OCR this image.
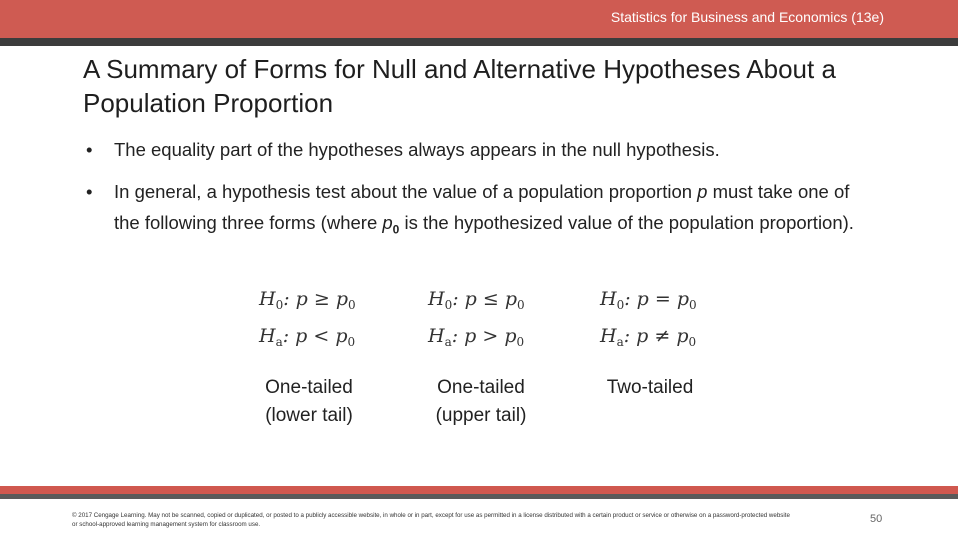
Statistics for Business and Economics (13e)
A Summary of Forms for Null and Alternative Hypotheses About a Population Proportion
• The equality part of the hypotheses always appears in the null hypothesis.
• In general, a hypothesis test about the value of a population proportion p must take one of the following three forms (where $p_0$ is the hypothesized value of the population proportion).
$H_0$: $p \ge p_0$
$H_a$: $p < p_0$
$H_0$: $p \le p_0$
$H_a$: $p > p_0$
$H_0$: $p = p_0$
$H_a$: $p \ne p_0$
One-tailed
(lower tail)
One-tailed
(upper tail)
Two-tailed
© 2017 Cengage Learning. May not be scanned, copied or duplicated, or posted to a publicly accessible website, in whole or in part, except for use as permitted in a license distributed with a certain product or service or otherwise on a password-protected website or school-approved learning management system for classroom use.	50
